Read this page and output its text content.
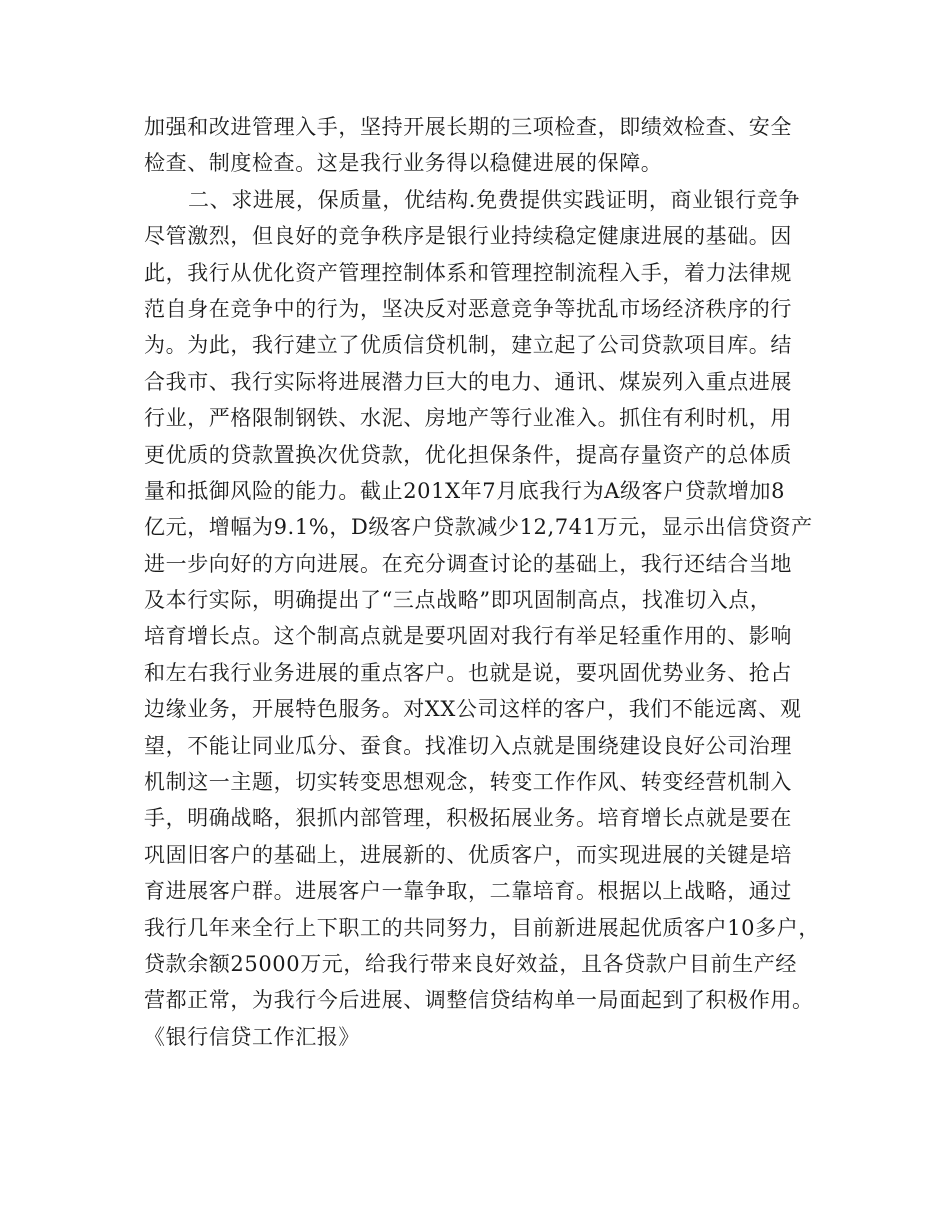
加强和改进管理入手，坚持开展长期的三项检查，即绩效检查、安全
检查、制度检查。这是我行业务得以稳健进展的保障。
二、求进展，保质量，优结构.免费提供实践证明，商业银行竞争
尽管激烈，但良好的竞争秩序是银行业持续稳定健康进展的基础。因
此，我行从优化资产管理控制体系和管理控制流程入手，着力法律规
范自身在竞争中的行为，坚决反对恶意竞争等扰乱市场经济秩序的行
为。为此，我行建立了优质信贷机制，建立起了公司贷款项目库。结
合我市、我行实际将进展潜力巨大的电力、通讯、煤炭列入重点进展
行业，严格限制钢铁、水泥、房地产等行业准入。抓住有利时机，用
更优质的贷款置换次优贷款，优化担保条件，提高存量资产的总体质
量和抵御风险的能力。截止201X年7月底我行为A级客户贷款增加8
亿元，增幅为9.1%，D级客户贷款减少12,741万元，显示出信贷资产
进一步向好的方向进展。在充分调查讨论的基础上，我行还结合当地
及本行实际，明确提出了“三点战略”即巩固制高点，找准切入点，
培育增长点。这个制高点就是要巩固对我行有举足轻重作用的、影响
和左右我行业务进展的重点客户。也就是说，要巩固优势业务、抢占
边缘业务，开展特色服务。对XX公司这样的客户，我们不能远离、观
望，不能让同业瓜分、蚕食。找准切入点就是围绕建设良好公司治理
机制这一主题，切实转变思想观念，转变工作作风、转变经营机制入
手，明确战略，狠抓内部管理，积极拓展业务。培育增长点就是要在
巩固旧客户的基础上，进展新的、优质客户，而实现进展的关键是培
育进展客户群。进展客户一靠争取，二靠培育。根据以上战略，通过
我行几年来全行上下职工的共同努力，目前新进展起优质客户10多户，
贷款余额25000万元，给我行带来良好效益，且各贷款户目前生产经
营都正常，为我行今后进展、调整信贷结构单一局面起到了积极作用。
《银行信贷工作汇报》
